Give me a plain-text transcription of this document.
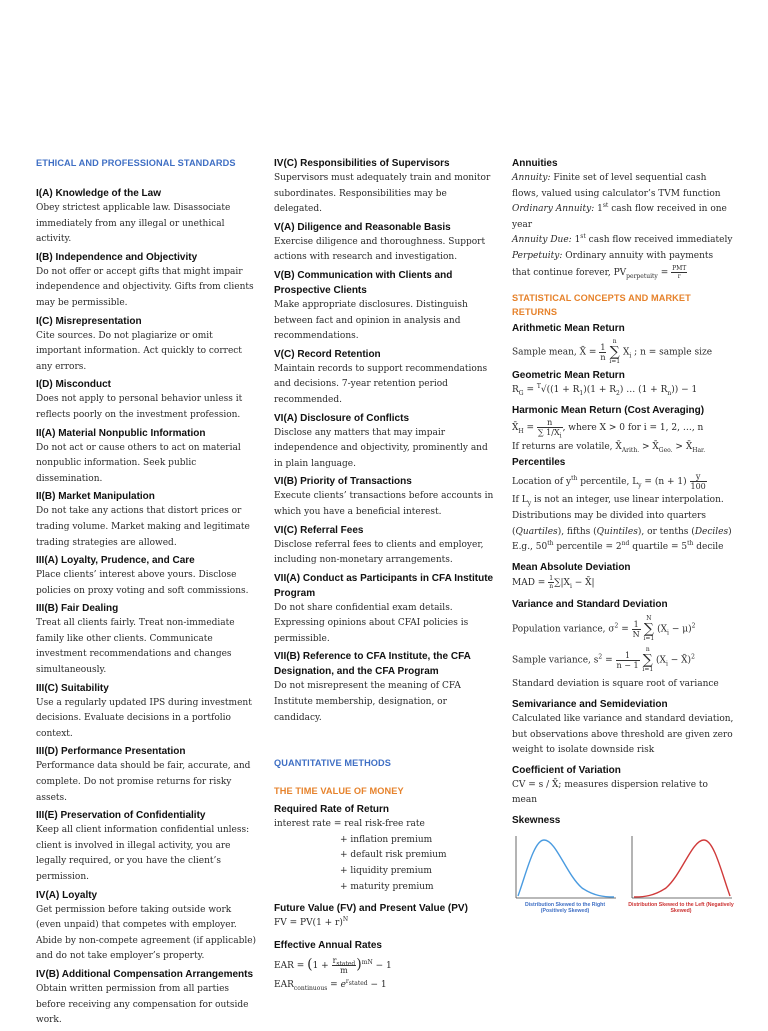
ETHICAL AND PROFESSIONAL STANDARDS

I(A) Knowledge of the Law

Obey strictest applicable law. Disassociate immediately from any illegal or unethical activity.

I(B) Independence and Objectivity

Do not offer or accept gifts that might impair independence and objectivity. Gifts from clients may be permissible.

I(C) Misrepresentation

Cite sources. Do not plagiarize or omit important information. Act quickly to correct any errors.

I(D) Misconduct

Does not apply to personal behavior unless it reflects poorly on the investment profession.

II(A) Material Nonpublic Information

Do not act or cause others to act on material nonpublic information. Seek public dissemination.

II(B) Market Manipulation

Do not take any actions that distort prices or trading volume. Market making and legitimate trading strategies are allowed.

III(A) Loyalty, Prudence, and Care

Place clients’ interest above yours. Disclose policies on proxy voting and soft commissions.

III(B) Fair Dealing

Treat all clients fairly. Treat non-immediate family like other clients. Communicate investment recommendations and changes simultaneously.

III(C) Suitability

Use a regularly updated IPS during investment decisions. Evaluate decisions in a portfolio context.

III(D) Performance Presentation

Performance data should be fair, accurate, and complete. Do not promise returns for risky assets.

III(E) Preservation of Confidentiality

Keep all client information confidential unless: client is involved in illegal activity, you are legally required, or you have the client’s permission.

IV(A) Loyalty

Get permission before taking outside work (even unpaid) that competes with employer. Abide by non-compete agreement (if applicable) and do not take employer’s property.

IV(B) Additional Compensation Arrangements

Obtain written permission from all parties before receiving any compensation for outside work.

IV(C) Responsibilities of Supervisors

Supervisors must adequately train and monitor subordinates. Responsibilities may be delegated.

V(A) Diligence and Reasonable Basis

Exercise diligence and thoroughness. Support actions with research and investigation.

V(B) Communication with Clients and Prospective Clients

Make appropriate disclosures. Distinguish between fact and opinion in analysis and recommendations.

V(C) Record Retention

Maintain records to support recommendations and decisions. 7-year retention period recommended.

VI(A) Disclosure of Conflicts

Disclose any matters that may impair independence and objectivity, prominently and in plain language.

VI(B) Priority of Transactions

Execute clients’ transactions before accounts in which you have a beneficial interest.

VI(C) Referral Fees

Disclose referral fees to clients and employer, including non-monetary arrangements.

VII(A) Conduct as Participants in CFA Institute Program

Do not share confidential exam details. Expressing opinions about CFAI policies is permissible.

VII(B) Reference to CFA Institute, the CFA Designation, and the CFA Program

Do not misrepresent the meaning of CFA Institute membership, designation, or candidacy.

QUANTITATIVE METHODS

THE TIME VALUE OF MONEY

Required Rate of Return

interest rate = real risk-free rate

+ inflation premium
+ default risk premium
+ liquidity premium
+ maturity premium

Future Value (FV) and Present Value (PV)

FV = $PV(1 + r)^N$

Effective Annual Rates

EAR = $(1 + \frac{r_{stated}}{m} )^{mN} - 1$
$EAR_{continuous} = e^{r_{stated}} - 1$

Annuities

Annuity: Finite set of level sequential cash flows, valued using calculator’s TVM function

Ordinary Annuity: 1st cash flow received in one year

Annuity Due: 1st cash flow received immediately

Perpetuity: Ordinary annuity with payments that continue forever, $PV_{perpetuity} = \frac{\text{PMT}}{r}$

STATISTICAL CONCEPTS AND MARKET RETURNS

Arithmetic Mean Return

Sample mean, X̄ = $\frac{1}{n}$
n
∑
i=1 $X_i$ ; n = sample size

Geometric Mean Return

$R_G = ^T√((1 + R_1)(1 + R_2)$ … $(1 + R_n)) - 1$

Harmonic Mean Return (Cost Averaging)

$X̄_H = \frac{n}{\sum 1/X_i}$ , where X > 0 for i = 1, 2, …, n
If returns are volatile, $X̄_{Arith.}$ > $X̄_{Geo.}$ > $X̄_{Har.}$

Percentiles

Location of $y^{th}$ percentile, $L_y = (n + 1) \frac{y}{100}$

If $L_y$ is not an integer, use linear interpolation. Distributions may be divided into quarters (Quartiles), fifths (Quintiles), or tenths (Deciles)

E.g., 50th percentile = 2nd quartile = 5th decile

Mean Absolute Deviation

MAD = $\frac{1}{n} \sum|X_i$ − X̄|

Variance and Standard Deviation

Population variance, $\sigma^2 = \frac{1}{N}$
N
∑
i=1 $(X_i - \mu)^2$
Sample variance, $s^2 = \frac{1}{n - 1}$
n
∑
i=1 ($X_i$ − X̄)$^2$

Standard deviation is square root of variance

Semivariance and Semideviation

Calculated like variance and standard deviation, but observations above threshold are given zero weight to isolate downside risk

Coefficient of Variation

CV = s / X̄; measures dispersion relative to mean

Skewness

Distribution Skewed to the Right (Positively Skewed)
Distribution Skewed to the Left (Negatively Skewed)
